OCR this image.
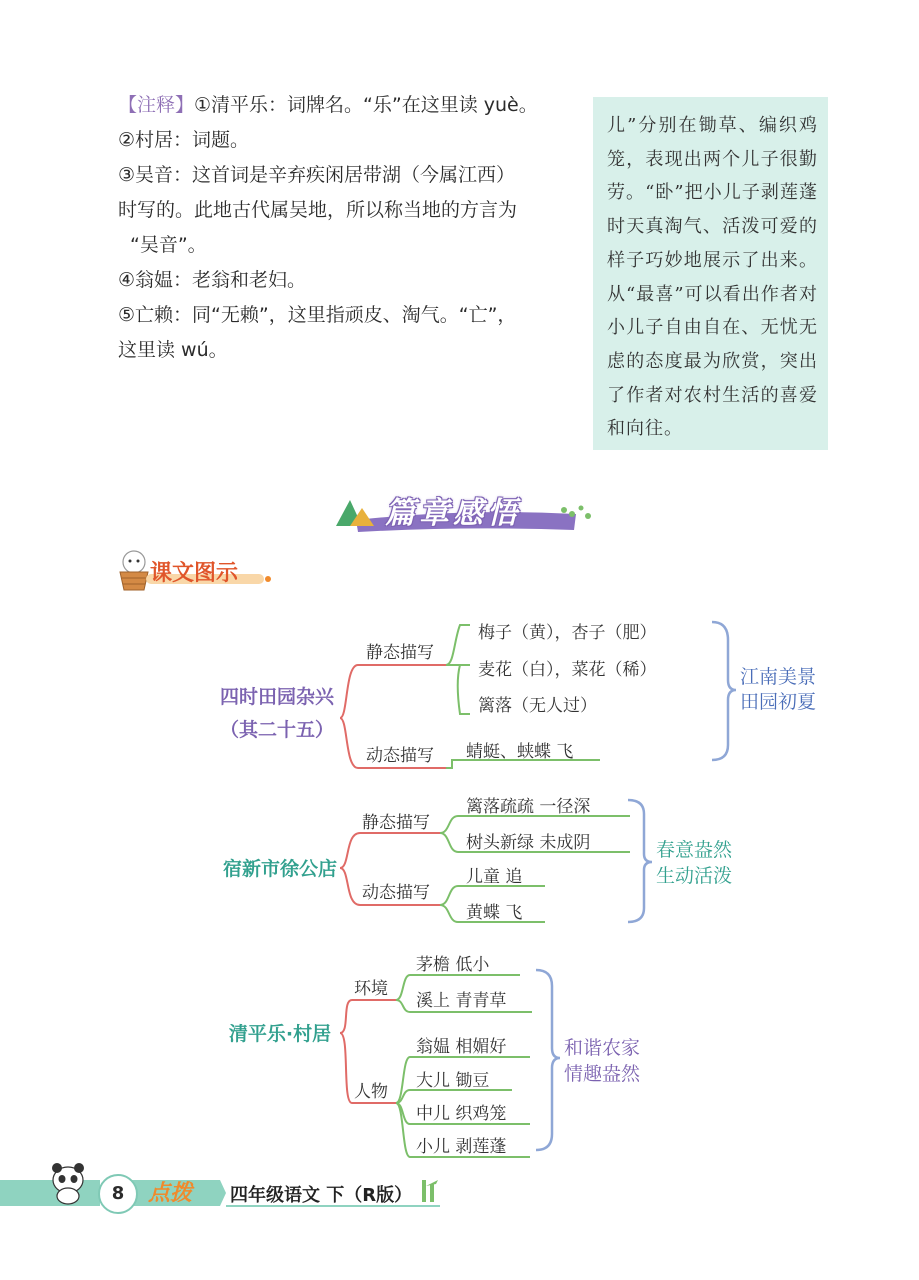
【注释】①清平乐：词牌名。“乐”在这里读 yuè。

②村居：词题。

③吴音：这首词是辛弃疾闲居带湖（今属江西）

时写的。此地古代属吴地，所以称当地的方言为

“吴音”。

④翁媪：老翁和老妇。

⑤亡赖：同“无赖”，这里指顽皮、淘气。“亡”，

这里读 wú。

儿”分别在锄草、编织鸡笼，表现出两个儿子很勤劳。“卧”把小儿子剥莲蓬时天真淘气、活泼可爱的样子巧妙地展示了出来。从“最喜”可以看出作者对小儿子自由自在、无忧无虑的态度最为欣赏，突出了作者对农村生活的喜爱和向往。
篇章感悟
课文图示
四时田园杂兴
（其二十五）
静态描写
动态描写
梅子（黄），杏子（肥）
麦花（白），菜花（稀）
篱落（无人过）
蜻蜓、蛱蝶 飞
江南美景
田园初夏
宿新市徐公店
静态描写
动态描写
篱落疏疏 一径深
树头新绿 未成阴
儿童 追
黄蝶 飞
春意盎然
生动活泼
清平乐·村居
环境
人物
茅檐 低小
溪上 青青草
翁媪 相媚好
大儿 锄豆
中儿 织鸡笼
小儿 剥莲蓬
和谐农家
情趣盎然
8	点拨 四年级语文 下（R版）
